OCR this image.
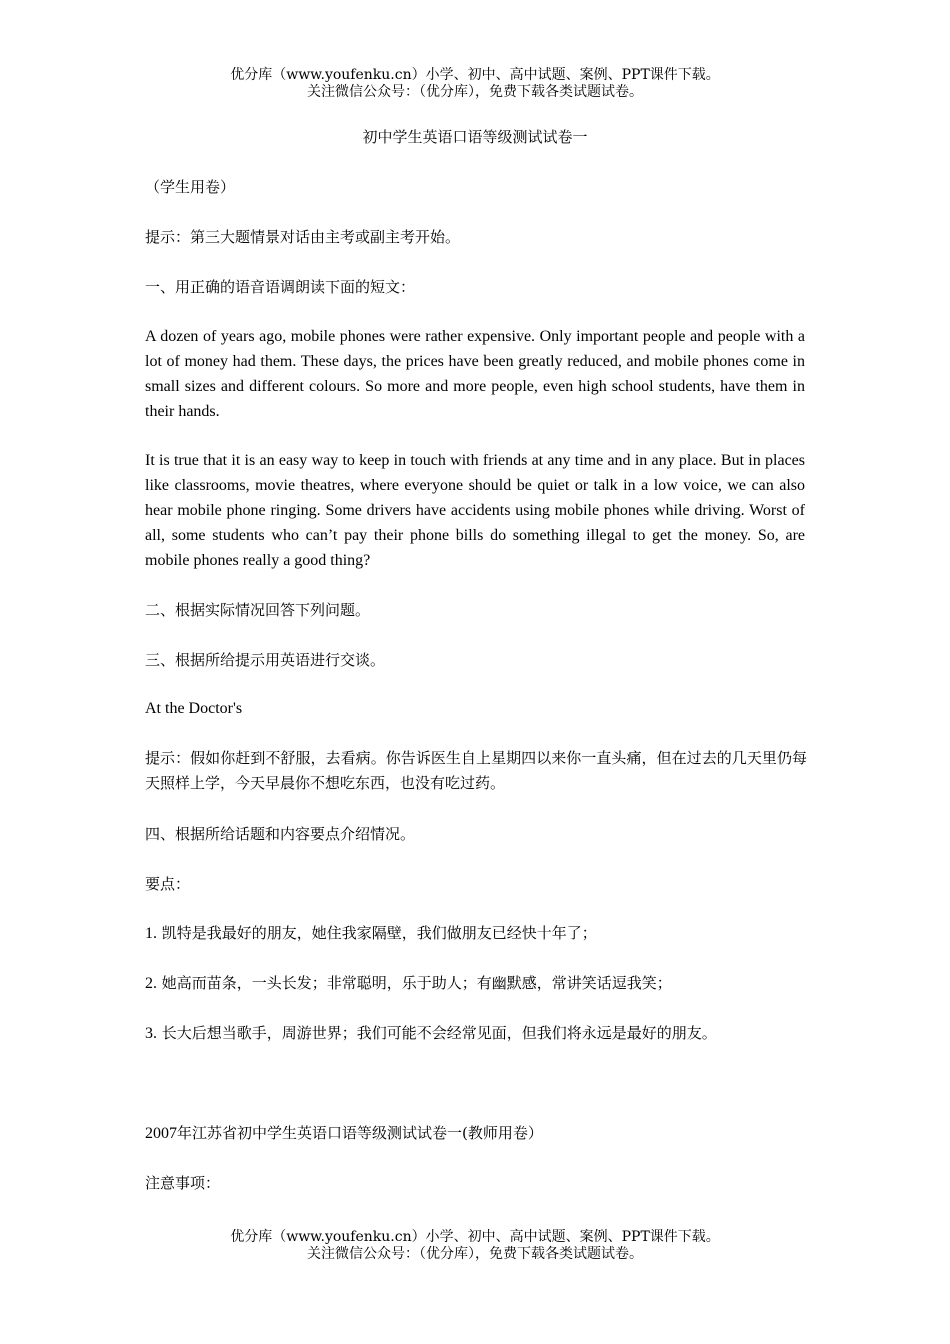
优分库（www.youfenku.cn）小学、初中、高中试题、案例、PPT课件下载。
关注微信公众号：（优分库），免费下载各类试题试卷。
初中学生英语口语等级测试试卷一
（学生用卷）
提示：第三大题情景对话由主考或副主考开始。
一、用正确的语音语调朗读下面的短文：
A dozen of years ago, mobile phones were rather expensive. Only important people and people with a lot of money had them. These days, the prices have been greatly reduced, and mobile phones come in small sizes and different colours. So more and more people, even high school students, have them in their hands.
It is true that it is an easy way to keep in touch with friends at any time and in any place. But in places like classrooms, movie theatres, where everyone should be quiet or talk in a low voice, we can also hear mobile phone ringing. Some drivers have accidents using mobile phones while driving. Worst of all, some students who can’t pay their phone bills do something illegal to get the money. So, are mobile phones really a good thing?
二、根据实际情况回答下列问题。
三、根据所给提示用英语进行交谈。
At the Doctor's
提示：假如你赶到不舒服，去看病。你告诉医生自上星期四以来你一直头痛，但在过去的几天里仍每天照样上学，今天早晨你不想吃东西，也没有吃过药。
四、根据所给话题和内容要点介绍情况。
要点：
1. 凯特是我最好的朋友，她住我家隔壁，我们做朋友已经快十年了；
2. 她高而苗条，一头长发；非常聪明，乐于助人；有幽默感，常讲笑话逗我笑；
3. 长大后想当歌手，周游世界；我们可能不会经常见面，但我们将永远是最好的朋友。
2007年江苏省初中学生英语口语等级测试试卷一(教师用卷）
注意事项：
优分库（www.youfenku.cn）小学、初中、高中试题、案例、PPT课件下载。
关注微信公众号：（优分库），免费下载各类试题试卷。
